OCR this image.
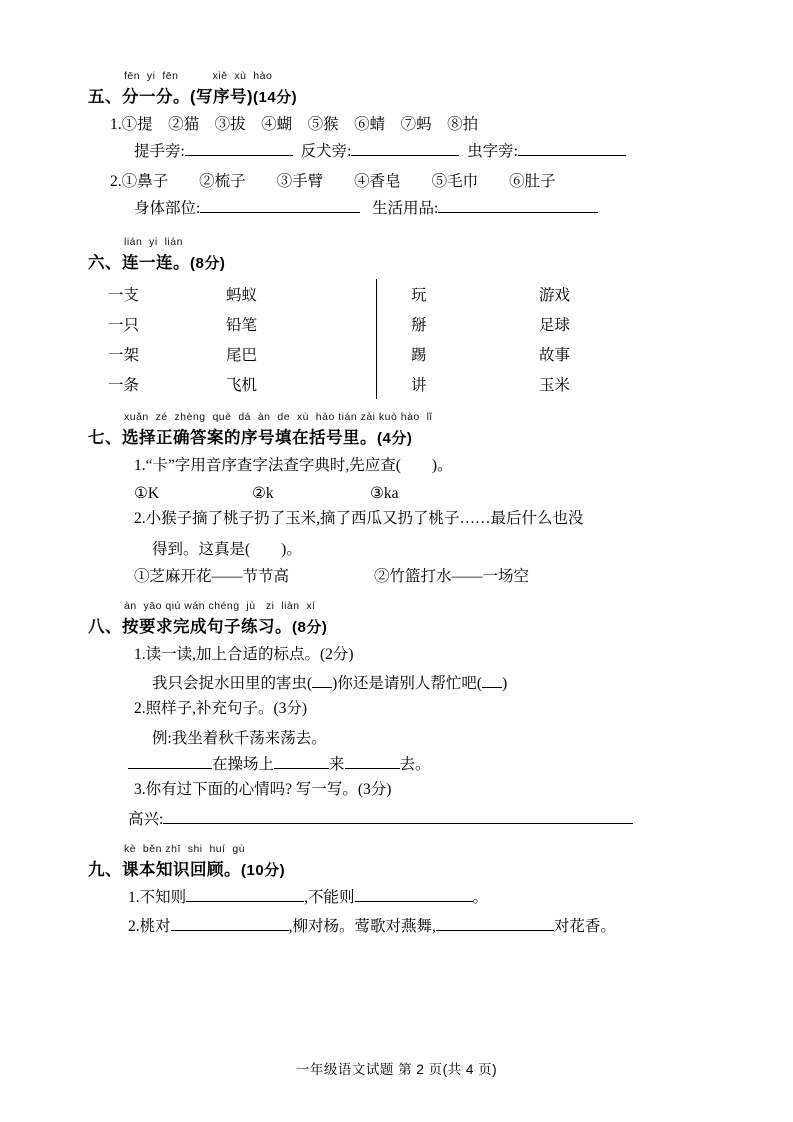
fēn  yi  fēn          xiě  xù  hào
五、分一分。(写序号)(14分)
1.①提    ②猫    ③拔    ④蝴    ⑤猴    ⑥蜻    ⑦蚂    ⑧拍
提手旁:	反犬旁:	虫字旁:
2.①鼻子        ②梳子        ③手臂        ④香皂        ⑤毛巾        ⑥肚子
身体部位:	生活用品:
lián  yi  lián
六、连一连。(8分)
一支	蚂蚁	玩	游戏
一只	铅笔	掰	足球
一架	尾巴	踢	故事
一条	飞机	讲	玉米
xuǎn  zé  zhèng  què  dá  àn  de  xù  hào tián zài kuò hào  lǐ
七、选择正确答案的序号填在括号里。(4分)
1.“卡”字用音序查字法查字典时,先应查(        )。
①K	②k	③ka
2.小猴子摘了桃子扔了玉米,摘了西瓜又扔了桃子……最后什么也没
得到。这真是(        )。
①芝麻开花——节节高	②竹篮打水——一场空
àn  yāo qiú wán chéng  jù   zi  liàn  xí
八、按要求完成句子练习。(8分)
1.读一读,加上合适的标点。(2分)
我只会捉水田里的害虫( )你还是请别人帮忙吧( )
2.照样子,补充句子。(3分)
例:我坐着秋千荡来荡去。
在操场上	来	去。
3.你有过下面的心情吗? 写一写。(3分)
高兴:
kè  běn zhī  shi  huí  gù
九、课本知识回顾。(10分)
1.不知则	,不能则	。
2.桃对	,柳对杨。莺歌对燕舞,	对花香。
一年级语文试题 第 2 页(共 4 页)
